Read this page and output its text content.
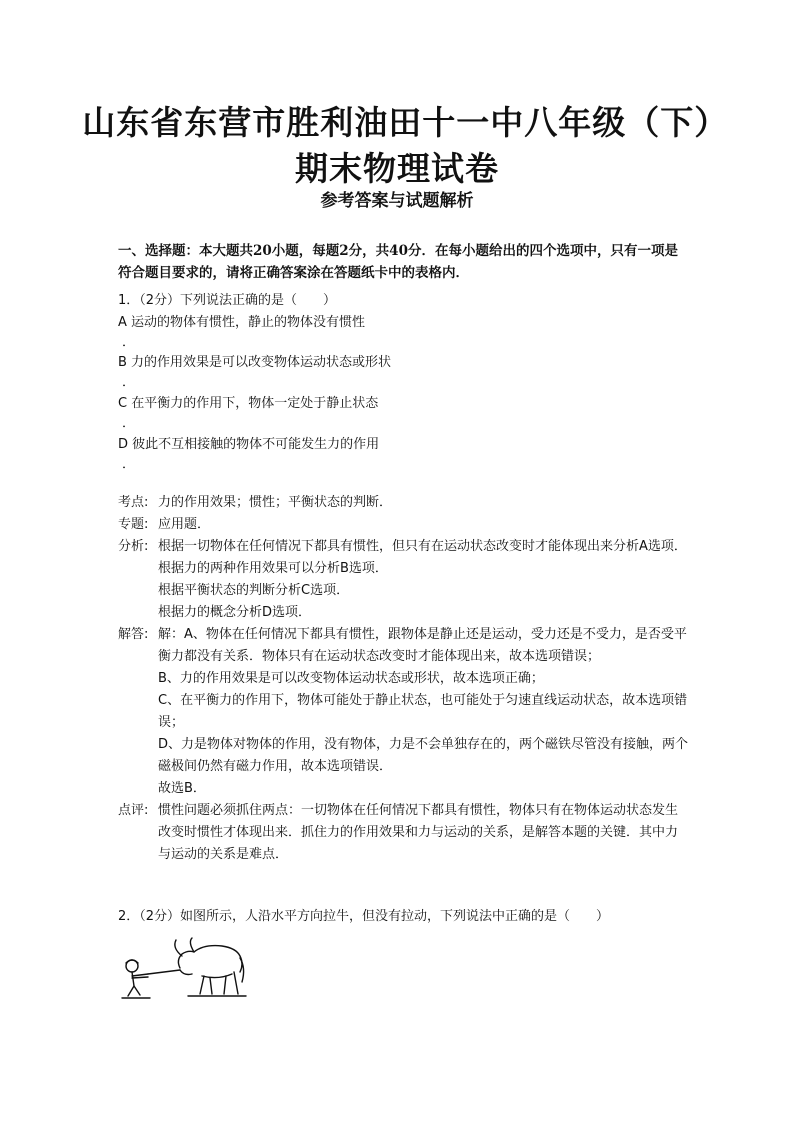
山东省东营市胜利油田十一中八年级（下）期末物理试卷
参考答案与试题解析
一、选择题：本大题共20小题，每题2分，共40分．在每小题给出的四个选项中，只有一项是符合题目要求的，请将正确答案涂在答题纸卡中的表格内．
1．（2分）下列说法正确的是（　　）
A 运动的物体有惯性，静止的物体没有惯性
．
B 力的作用效果是可以改变物体运动状态或形状
．
C 在平衡力的作用下，物体一定处于静止状态
．
D 彼此不互相接触的物体不可能发生力的作用
．
考点: 力的作用效果；惯性；平衡状态的判断．

专题: 应用题．

分析: 根据一切物体在任何情况下都具有惯性，但只有在运动状态改变时才能体现出来分析A选项．

根据力的两种作用效果可以分析B选项．

根据平衡状态的判断分析C选项．

根据力的概念分析D选项．

解答: 解：A、物体在任何情况下都具有惯性，跟物体是静止还是运动，受力还是不受力，是否受平衡力都没有关系．物体只有在运动状态改变时才能体现出来，故本选项错误；

B、力的作用效果是可以改变物体运动状态或形状，故本选项正确；

C、在平衡力的作用下，物体可能处于静止状态，也可能处于匀速直线运动状态，故本选项错误；

D、力是物体对物体的作用，没有物体，力是不会单独存在的，两个磁铁尽管没有接触，两个磁极间仍然有磁力作用，故本选项错误．

故选B．

点评: 惯性问题必须抓住两点：一切物体在任何情况下都具有惯性，物体只有在物体运动状态发生改变时惯性才体现出来．抓住力的作用效果和力与运动的关系，是解答本题的关键．其中力与运动的关系是难点．

2．（2分）如图所示，人沿水平方向拉牛，但没有拉动，下列说法中正确的是（　　）
